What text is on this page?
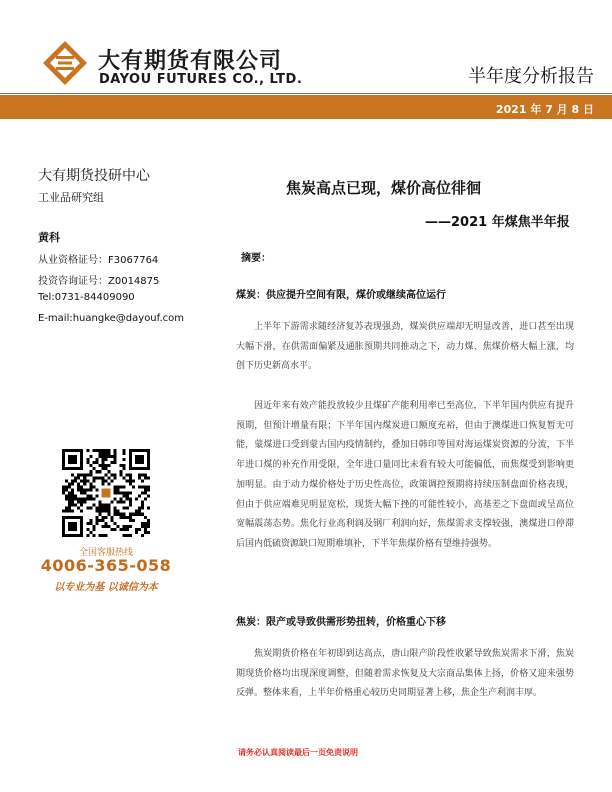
大有期货有限公司
DAYOU FUTURES CO., LTD.	半年度分析报告
2021 年 7 月 8 日
大有期货投研中心
工业品研究组
黄科
从业资格证号：F3067764
投资咨询证号：Z0014875
Tel:0731-84409090
E-mail:huangke@dayouf.com
全国客服热线
4006-365-058
以专业为基 以诚信为本
焦炭高点已现，煤价高位徘徊
——2021 年煤焦半年报
摘要：
煤炭：供应提升空间有限，煤价或继续高位运行
上半年下游需求随经济复苏表现强劲，煤炭供应端却无明显改善，进口甚至出现大幅下滑，在供需面偏紧及通胀预期共同推动之下，动力煤、焦煤价格大幅上涨，均创下历史新高水平。
因近年来有效产能投放较少且煤矿产能利用率已至高位，下半年国内供应有提升预期，但预计增量有限；下半年国内煤炭进口额度充裕，但由于澳煤进口恢复暂无可能，蒙煤进口受到蒙古国内疫情制约，叠加日韩印等国对海运煤炭资源的分流，下半年进口煤的补充作用受限，全年进口量同比未看有较大可能偏低，而焦煤受到影响更加明显。由于动力煤价格处于历史性高位，政策调控预期将持续压制盘面价格表现，但由于供应端难见明显宽松，现货大幅下挫的可能性较小，高基差之下盘面或呈高位宽幅震荡态势。焦化行业高利润及钢厂利润向好，焦煤需求支撑较强，澳煤进口停滞后国内低硫资源缺口短期难填补，下半年焦煤价格有望维持强势。
焦炭：限产或导致供需形势扭转，价格重心下移
焦炭期货价格在年初即到达高点，唐山限产阶段性收紧导致焦炭需求下滑，焦炭期现货价格均出现深度调整，但随着需求恢复及大宗商品集体上扬，价格又迎来强势反弹。整体来看，上半年价格重心较历史同期显著上移，焦企生产利润丰厚。
请务必认真阅读最后一页免责说明
